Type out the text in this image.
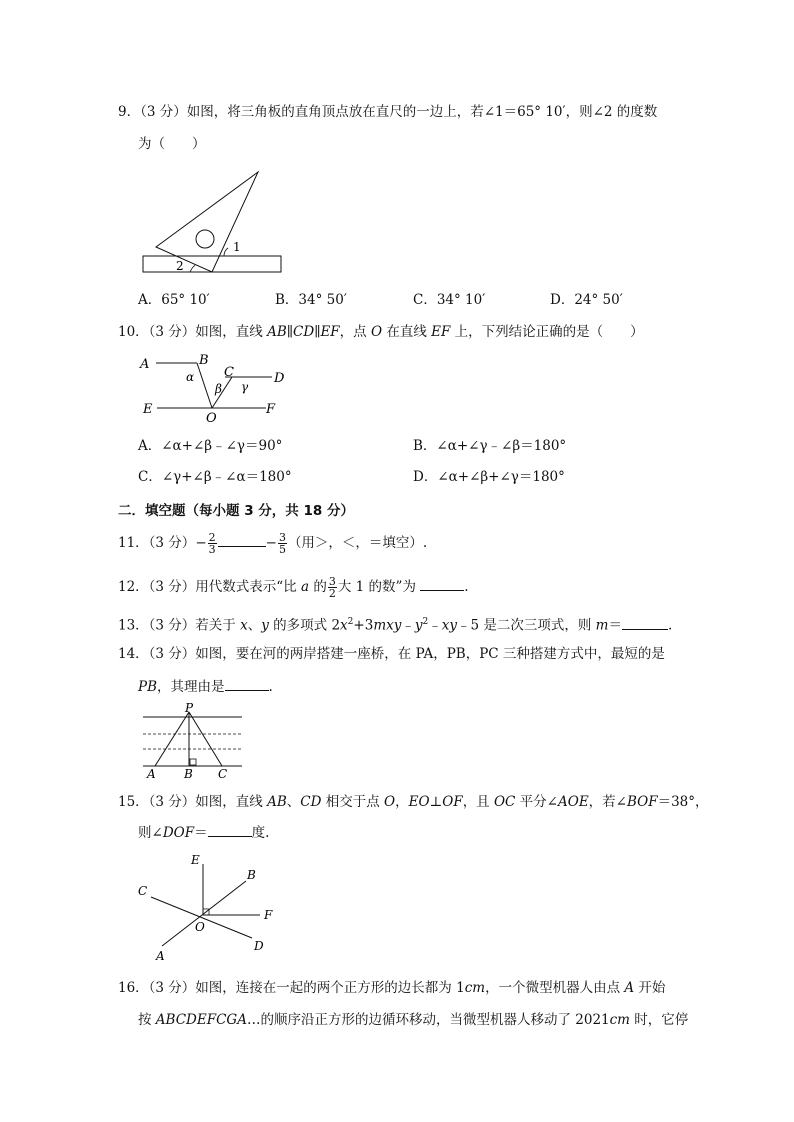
9．（3 分）如图，将三角板的直角顶点放在直尺的一边上，若∠1＝65° 10′，则∠2 的度数
为（　　）
1
2
A．65° 10′	B．34° 50′	C．34° 10′	D．24° 50′
10．（3 分）如图，直线 AB∥CD∥EF，点 O 在直线 EF 上，下列结论正确的是（　　）
A	B
C	D
E	F
O
α
β γ
A．∠α+∠β﹣∠γ＝90°	B．∠α+∠γ﹣∠β＝180°
C．∠γ+∠β﹣∠α＝180°	D．∠α+∠β+∠γ＝180°
二．填空题（每小题 3 分，共 18 分）
11．（3 分）− $\frac{2}{3}$	− $\frac{3}{5}$ （用＞，＜，＝填空）.
12．（3 分）用代数式表示“比 a 的 $\frac{3}{2}$ 大 1 的数”为	.
13．（3 分）若关于 x、y 的多项式 $2x^2+3mxy﹣y^2﹣xy﹣5$ 是二次三项式，则 m＝	.
14．（3 分）如图，要在河的两岸搭建一座桥，在 PA，PB，PC 三种搭建方式中，最短的是
PB，其理由是	.
P
A B C
15．（3 分）如图，直线 AB、CD 相交于点 O，EO⊥OF，且 OC 平分∠AOE，若∠BOF＝38°，
则∠DOF＝	度.
E
B
C
F
O
D
A
16．（3 分）如图，连接在一起的两个正方形的边长都为 1cm，一个微型机器人由点 A 开始
按 ABCDEFCGA…的顺序沿正方形的边循环移动，当微型机器人移动了 2021cm 时，它停
